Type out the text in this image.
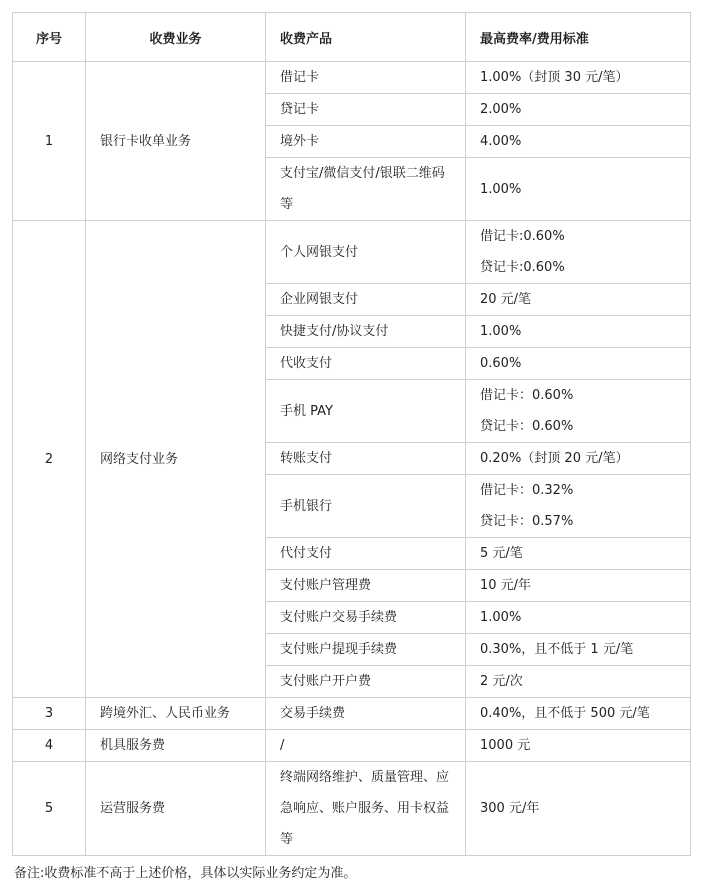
序号	收费业务	收费产品	最高费率/费用标准
1	银行卡收单业务	借记卡	1.00%（封顶 30 元/笔）
		贷记卡	2.00%
		境外卡	4.00%
		支付宝/微信支付/银联二维码等	1.00%
2	网络支付业务	个人网银支付	借记卡:0.60%
贷记卡:0.60%

		企业网银支付	20 元/笔
		快捷支付/协议支付	1.00%
		代收支付	0.60%
		手机 PAY	借记卡：0.60%
贷记卡：0.60%

		转账支付	0.20%（封顶 20 元/笔）
		手机银行	借记卡：0.32%
贷记卡：0.57%

		代付支付	5 元/笔
		支付账户管理费	10 元/年
		支付账户交易手续费	1.00%
		支付账户提现手续费	0.30%，且不低于 1 元/笔
		支付账户开户费	2 元/次
3	跨境外汇、人民币业务	交易手续费	0.40%，且不低于 500 元/笔
4	机具服务费	/	1000 元
5	运营服务费	终端网络维护、质量管理、应急响应、账户服务、用卡权益等	300 元/年
备注:收费标准不高于上述价格，具体以实际业务约定为准。
